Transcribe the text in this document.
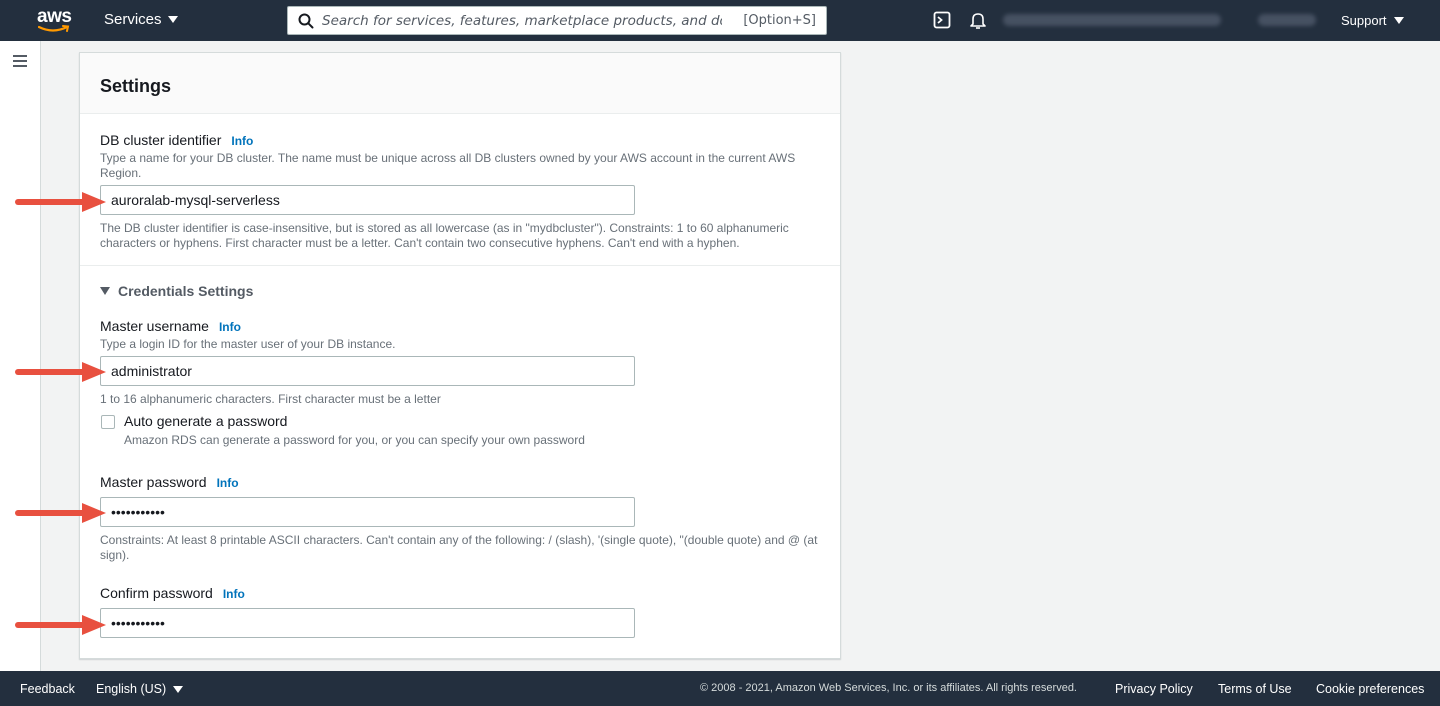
aws Services
Search for services, features, marketplace products, and docs	[Option+S]	Support
Settings
DB cluster identifier Info
Type a name for your DB cluster. The name must be unique across all DB clusters owned by your AWS account in the current AWS Region.
auroralab-mysql-serverless
The DB cluster identifier is case-insensitive, but is stored as all lowercase (as in "mydbcluster"). Constraints: 1 to 60 alphanumeric characters or hyphens. First character must be a letter. Can't contain two consecutive hyphens. Can't end with a hyphen.
Credentials Settings
Master username Info
Type a login ID for the master user of your DB instance.
administrator
1 to 16 alphanumeric characters. First character must be a letter
Auto generate a password
Amazon RDS can generate a password for you, or you can specify your own password
Master password Info
•••••••••••
Constraints: At least 8 printable ASCII characters. Can't contain any of the following: / (slash), '(single quote), "(double quote) and @ (at sign).
Confirm password Info
•••••••••••
Feedback English (US)	© 2008 - 2021, Amazon Web Services, Inc. or its affiliates. All rights reserved.	Privacy Policy Terms of Use Cookie preferences
